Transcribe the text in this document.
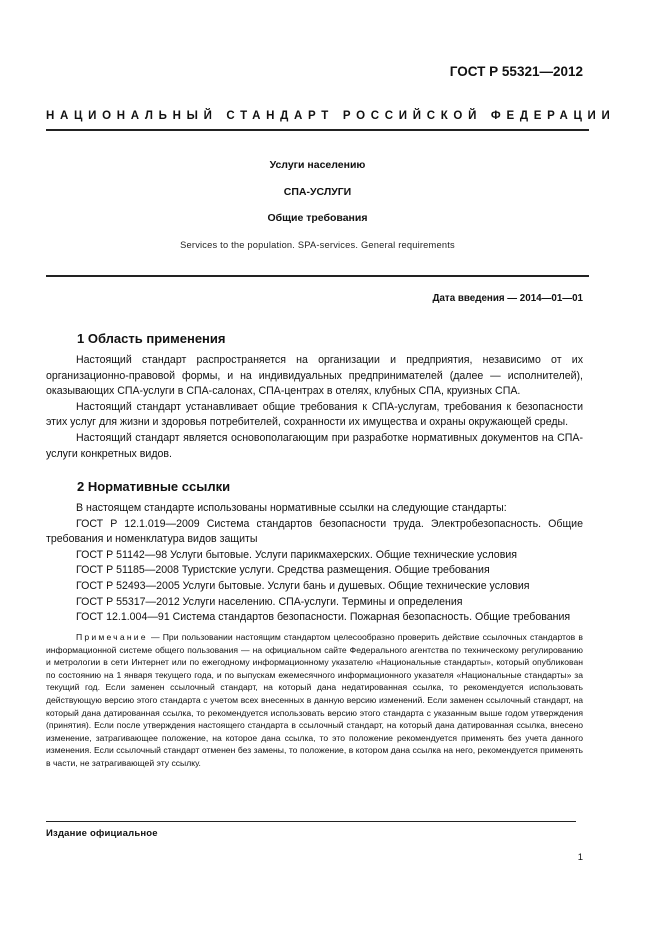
ГОСТ Р 55321—2012
НАЦИОНАЛЬНЫЙ СТАНДАРТ РОССИЙСКОЙ ФЕДЕРАЦИИ
Услуги населению
СПА-УСЛУГИ
Общие требования
Services to the population. SPA-services. General requirements
Дата введения — 2014—01—01
1 Область применения

Настоящий стандарт распространяется на организации и предприятия, независимо от их организационно-правовой формы, и на индивидуальных предпринимателей (далее — исполнителей), оказывающих СПА-услуги в СПА-салонах, СПА-центрах в отелях, клубных СПА, круизных СПА.

Настоящий стандарт устанавливает общие требования к СПА-услугам, требования к безопасности этих услуг для жизни и здоровья потребителей, сохранности их имущества и охраны окружающей среды.

Настоящий стандарт является основополагающим при разработке нормативных документов на СПА-услуги конкретных видов.

2 Нормативные ссылки

В настоящем стандарте использованы нормативные ссылки на следующие стандарты:

ГОСТ Р 12.1.019—2009 Система стандартов безопасности труда. Электробезопасность. Общие требования и номенклатура видов защиты

ГОСТ Р 51142—98 Услуги бытовые. Услуги парикмахерских. Общие технические условия

ГОСТ Р 51185—2008 Туристские услуги. Средства размещения. Общие требования

ГОСТ Р 52493—2005 Услуги бытовые. Услуги бань и душевых. Общие технические условия

ГОСТ Р 55317—2012 Услуги населению. СПА-услуги. Термины и определения

ГОСТ 12.1.004—91 Система стандартов безопасности. Пожарная безопасность. Общие требования

Примечание — При пользовании настоящим стандартом целесообразно проверить действие ссылочных стандартов в информационной системе общего пользования — на официальном сайте Федерального агентства по техническому регулированию и метрологии в сети Интернет или по ежегодному информационному указателю «Национальные стандарты», который опубликован по состоянию на 1 января текущего года, и по выпускам ежемесячного информационного указателя «Национальные стандарты» за текущий год. Если заменен ссылочный стандарт, на который дана недатированная ссылка, то рекомендуется использовать действующую версию этого стандарта с учетом всех внесенных в данную версию изменений. Если заменен ссылочный стандарт, на который дана датированная ссылка, то рекомендуется использовать версию этого стандарта с указанным выше годом утверждения (принятия). Если после утверждения настоящего стандарта в ссылочный стандарт, на который дана датированная ссылка, внесено изменение, затрагивающее положение, на которое дана ссылка, то это положение рекомендуется применять без учета данного изменения. Если ссылочный стандарт отменен без замены, то положение, в котором дана ссылка на него, рекомендуется применять в части, не затрагивающей эту ссылку.

Издание официальное
1
